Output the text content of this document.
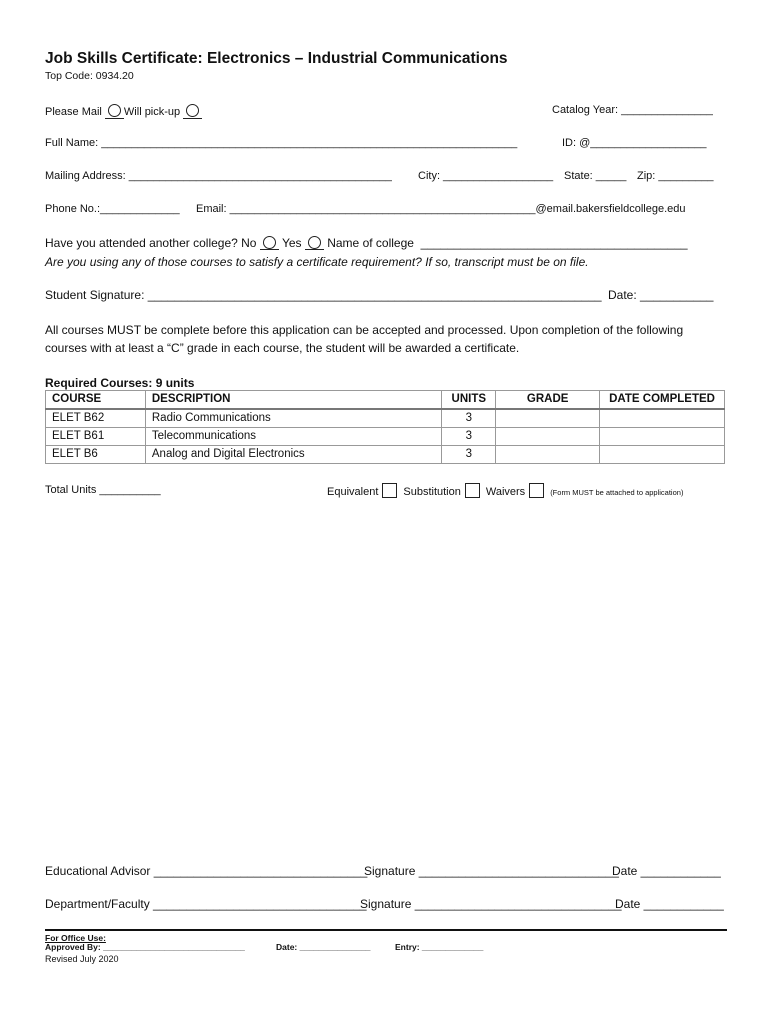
Job Skills Certificate: Electronics – Industrial Communications
Top Code: 0934.20
Please Mail Will pick-up	Catalog Year: _______________
Full Name: ____________________________________________________________________	ID: @___________________
Mailing Address: ___________________________________________ City: __________________ State: _____ Zip: _________
Phone No.:_____________ Email: __________________________________________________@email.bakersfieldcollege.edu
Have you attended another college? No Yes Name of college  ________________________________________
Are you using any of those courses to satisfy a certificate requirement? If so, transcript must be on file.
Student Signature: ____________________________________________________________________ Date: ___________
All courses MUST be complete before this application can be accepted and processed. Upon completion of the following
courses with at least a “C” grade in each course, the student will be awarded a certificate.
Required Courses: 9 units
COURSE	DESCRIPTION	UNITS	GRADE	DATE COMPLETED
ELET B62	Radio Communications	3		
ELET B61	Telecommunications	3		
ELET B6	Analog and Digital Electronics	3		
Total Units __________	Equivalent Substitution Waivers	(Form MUST be attached to application)
Educational Advisor ________________________________
Signature ______________________________
Date ____________
Department/Faculty ________________________________
Signature _______________________________
Date ____________
For Office Use:
Approved By: ______________________________	Date: _______________	Entry: _____________
Revised July 2020
